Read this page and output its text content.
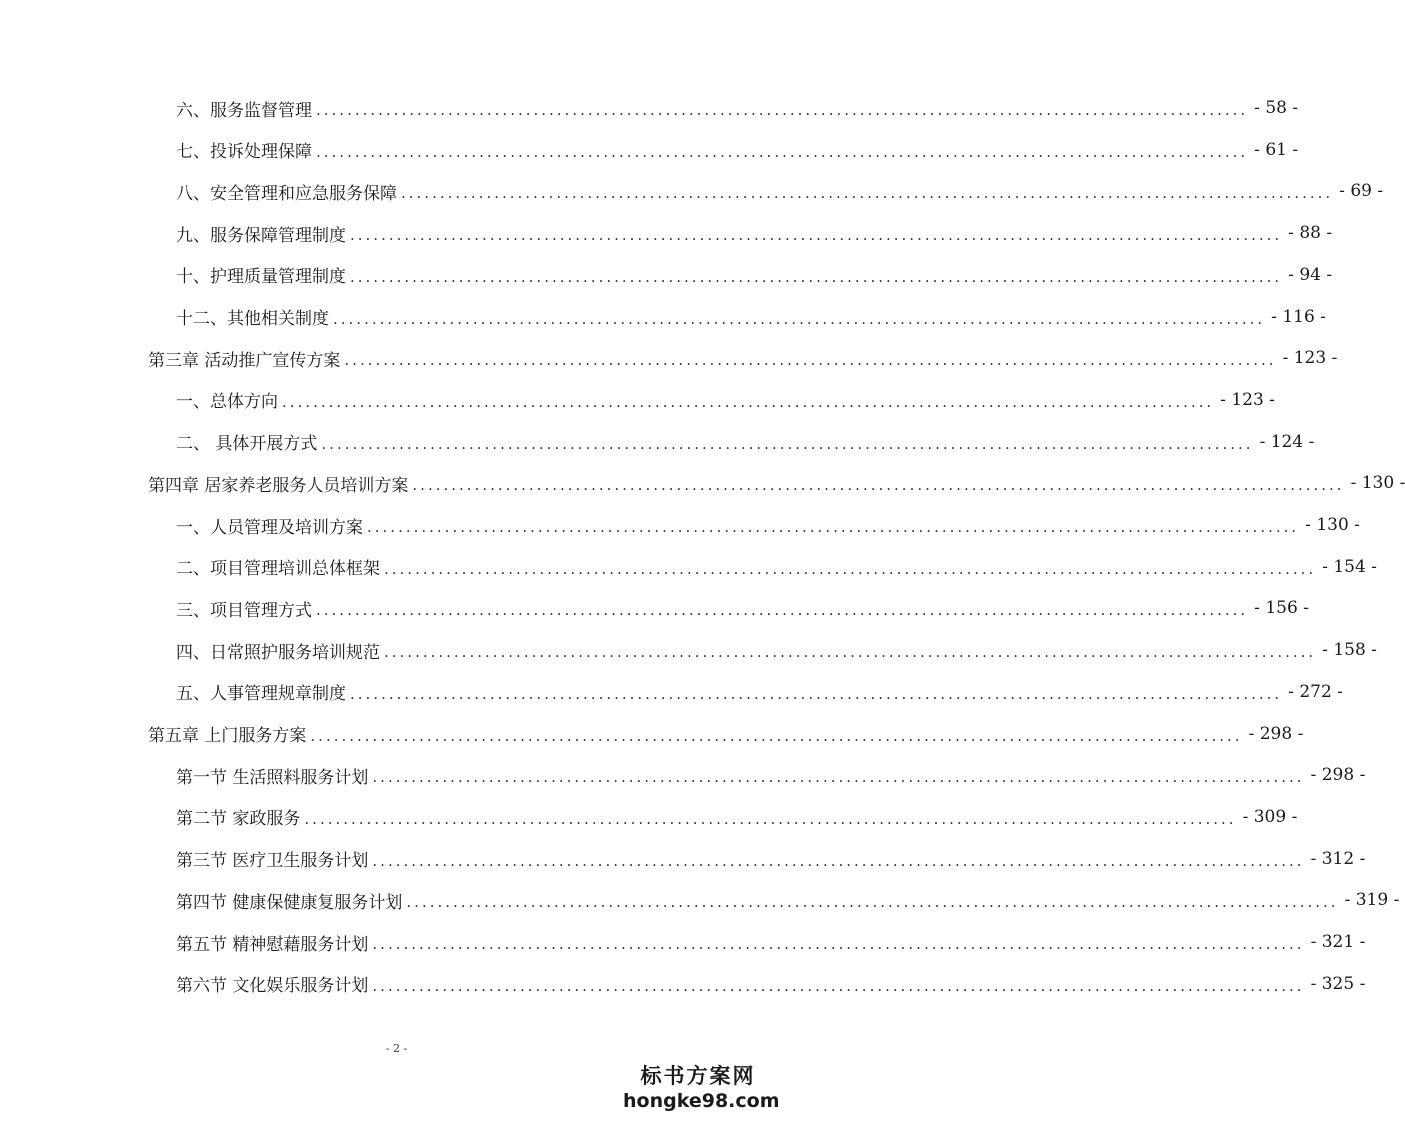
六、服务监督管理 ........................................................................................................................ - 58 -
七、投诉处理保障 ........................................................................................................................ - 61 -
八、安全管理和应急服务保障 ........................................................................................................................ - 69 -
九、服务保障管理制度 ........................................................................................................................ - 88 -
十、护理质量管理制度 ........................................................................................................................ - 94 -
十二、其他相关制度 ........................................................................................................................ - 116 -
第三章 活动推广宣传方案 ........................................................................................................................ - 123 -
一、总体方向 ........................................................................................................................ - 123 -
二、 具体开展方式 ........................................................................................................................ - 124 -
第四章 居家养老服务人员培训方案 ........................................................................................................................ - 130 -
一、人员管理及培训方案 ........................................................................................................................ - 130 -
二、项目管理培训总体框架 ........................................................................................................................ - 154 -
三、项目管理方式 ........................................................................................................................ - 156 -
四、日常照护服务培训规范 ........................................................................................................................ - 158 -
五、人事管理规章制度 ........................................................................................................................ - 272 -
第五章 上门服务方案 ........................................................................................................................ - 298 -
第一节 生活照料服务计划 ........................................................................................................................ - 298 -
第二节 家政服务 ........................................................................................................................ - 309 -
第三节 医疗卫生服务计划 ........................................................................................................................ - 312 -
第四节 健康保健康复服务计划 ........................................................................................................................ - 319 -
第五节 精神慰藉服务计划 ........................................................................................................................ - 321 -
第六节 文化娱乐服务计划 ........................................................................................................................ - 325 -
- 2 -
标书方案网
hongke98.com
